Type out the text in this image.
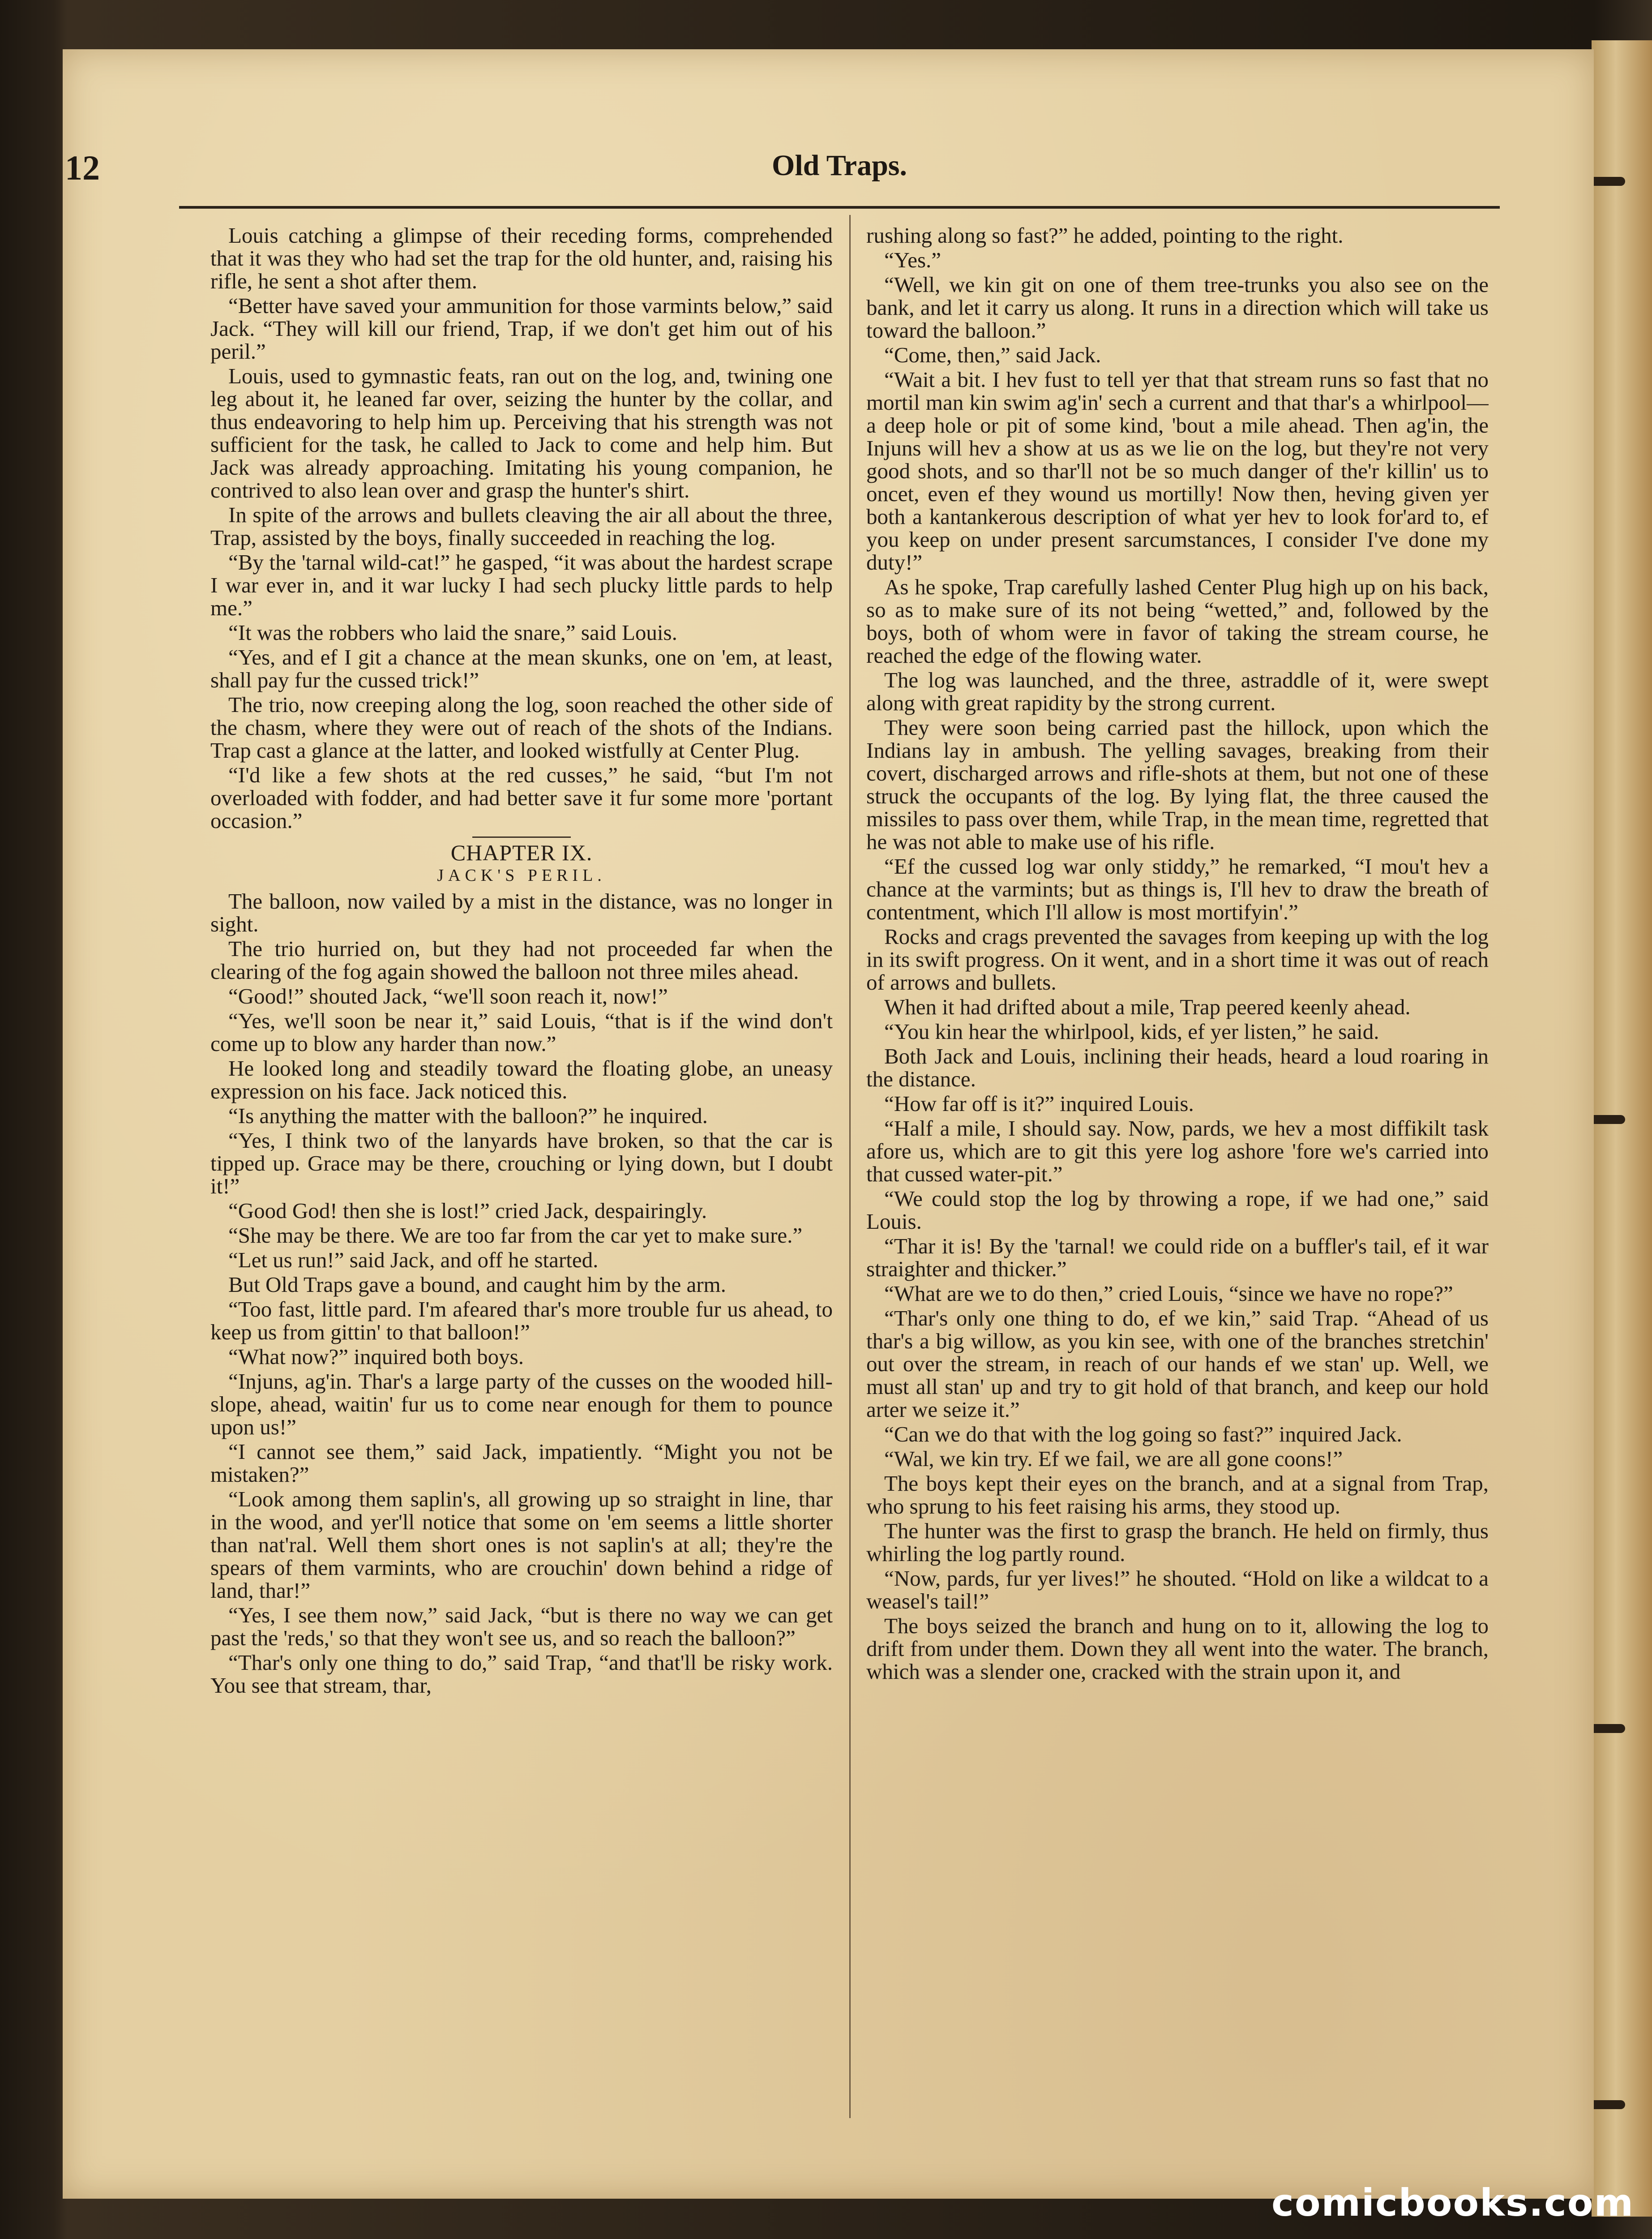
12	Old Traps.

Louis catching a glimpse of their receding forms, comprehended that it was they who had set the trap for the old hunter, and, raising his rifle, he sent a shot after them.

“Better have saved your ammunition for those varmints below,” said Jack. “They will kill our friend, Trap, if we don't get him out of his peril.”

Louis, used to gymnastic feats, ran out on the log, and, twining one leg about it, he leaned far over, seizing the hunter by the collar, and thus endeavoring to help him up. Perceiving that his strength was not sufficient for the task, he called to Jack to come and help him. But Jack was already approaching. Imitating his young companion, he contrived to also lean over and grasp the hunter's shirt.

In spite of the arrows and bullets cleaving the air all about the three, Trap, assisted by the boys, finally succeeded in reaching the log.

“By the 'tarnal wild-cat!” he gasped, “it was about the hardest scrape I war ever in, and it war lucky I had sech plucky little pards to help me.”

“It was the robbers who laid the snare,” said Louis.

“Yes, and ef I git a chance at the mean skunks, one on 'em, at least, shall pay fur the cussed trick!”

The trio, now creeping along the log, soon reached the other side of the chasm, where they were out of reach of the shots of the Indians. Trap cast a glance at the latter, and looked wistfully at Center Plug.

“I'd like a few shots at the red cusses,” he said, “but I'm not overloaded with fodder, and had better save it fur some more 'portant occasion.”

CHAPTER IX.
JACK'S PERIL.

The balloon, now vailed by a mist in the distance, was no longer in sight.

The trio hurried on, but they had not proceeded far when the clearing of the fog again showed the balloon not three miles ahead.

“Good!” shouted Jack, “we'll soon reach it, now!”

“Yes, we'll soon be near it,” said Louis, “that is if the wind don't come up to blow any harder than now.”

He looked long and steadily toward the floating globe, an uneasy expression on his face. Jack noticed this.

“Is anything the matter with the balloon?” he inquired.

“Yes, I think two of the lanyards have broken, so that the car is tipped up. Grace may be there, crouching or lying down, but I doubt it!”

“Good God! then she is lost!” cried Jack, despairingly.

“She may be there. We are too far from the car yet to make sure.”

“Let us run!” said Jack, and off he started.

But Old Traps gave a bound, and caught him by the arm.

“Too fast, little pard. I'm afeared thar's more trouble fur us ahead, to keep us from gittin' to that balloon!”

“What now?” inquired both boys.

“Injuns, ag'in. Thar's a large party of the cusses on the wooded hill-slope, ahead, waitin' fur us to come near enough for them to pounce upon us!”

“I cannot see them,” said Jack, impatiently. “Might you not be mistaken?”

“Look among them saplin's, all growing up so straight in line, thar in the wood, and yer'll notice that some on 'em seems a little shorter than nat'ral. Well them short ones is not saplin's at all; they're the spears of them varmints, who are crouchin' down behind a ridge of land, thar!”

“Yes, I see them now,” said Jack, “but is there no way we can get past the 'reds,' so that they won't see us, and so reach the balloon?”

“Thar's only one thing to do,” said Trap, “and that'll be risky work. You see that stream, thar,

rushing along so fast?” he added, pointing to the right.

“Yes.”

“Well, we kin git on one of them tree-trunks you also see on the bank, and let it carry us along. It runs in a direction which will take us toward the balloon.”

“Come, then,” said Jack.

“Wait a bit. I hev fust to tell yer that that stream runs so fast that no mortil man kin swim ag'in' sech a current and that thar's a whirlpool—a deep hole or pit of some kind, 'bout a mile ahead. Then ag'in, the Injuns will hev a show at us as we lie on the log, but they're not very good shots, and so thar'll not be so much danger of the'r killin' us to oncet, even ef they wound us mortilly! Now then, heving given yer both a kantankerous description of what yer hev to look for'ard to, ef you keep on under present sarcumstances, I consider I've done my duty!”

As he spoke, Trap carefully lashed Center Plug high up on his back, so as to make sure of its not being “wetted,” and, followed by the boys, both of whom were in favor of taking the stream course, he reached the edge of the flowing water.

The log was launched, and the three, astraddle of it, were swept along with great rapidity by the strong current.

They were soon being carried past the hillock, upon which the Indians lay in ambush. The yelling savages, breaking from their covert, discharged arrows and rifle-shots at them, but not one of these struck the occupants of the log. By lying flat, the three caused the missiles to pass over them, while Trap, in the mean time, regretted that he was not able to make use of his rifle.

“Ef the cussed log war only stiddy,” he remarked, “I mou't hev a chance at the varmints; but as things is, I'll hev to draw the breath of contentment, which I'll allow is most mortifyin'.”

Rocks and crags prevented the savages from keeping up with the log in its swift progress. On it went, and in a short time it was out of reach of arrows and bullets.

When it had drifted about a mile, Trap peered keenly ahead.

“You kin hear the whirlpool, kids, ef yer listen,” he said.

Both Jack and Louis, inclining their heads, heard a loud roaring in the distance.

“How far off is it?” inquired Louis.

“Half a mile, I should say. Now, pards, we hev a most diffikilt task afore us, which are to git this yere log ashore 'fore we's carried into that cussed water-pit.”

“We could stop the log by throwing a rope, if we had one,” said Louis.

“Thar it is! By the 'tarnal! we could ride on a buffler's tail, ef it war straighter and thicker.”

“What are we to do then,” cried Louis, “since we have no rope?”

“Thar's only one thing to do, ef we kin,” said Trap. “Ahead of us thar's a big willow, as you kin see, with one of the branches stretchin' out over the stream, in reach of our hands ef we stan' up. Well, we must all stan' up and try to git hold of that branch, and keep our hold arter we seize it.”

“Can we do that with the log going so fast?” inquired Jack.

“Wal, we kin try. Ef we fail, we are all gone coons!”

The boys kept their eyes on the branch, and at a signal from Trap, who sprung to his feet raising his arms, they stood up.

The hunter was the first to grasp the branch. He held on firmly, thus whirling the log partly round.

“Now, pards, fur yer lives!” he shouted. “Hold on like a wildcat to a weasel's tail!”

The boys seized the branch and hung on to it, allowing the log to drift from under them. Down they all went into the water. The branch, which was a slender one, cracked with the strain upon it, and

comicbooks.com
